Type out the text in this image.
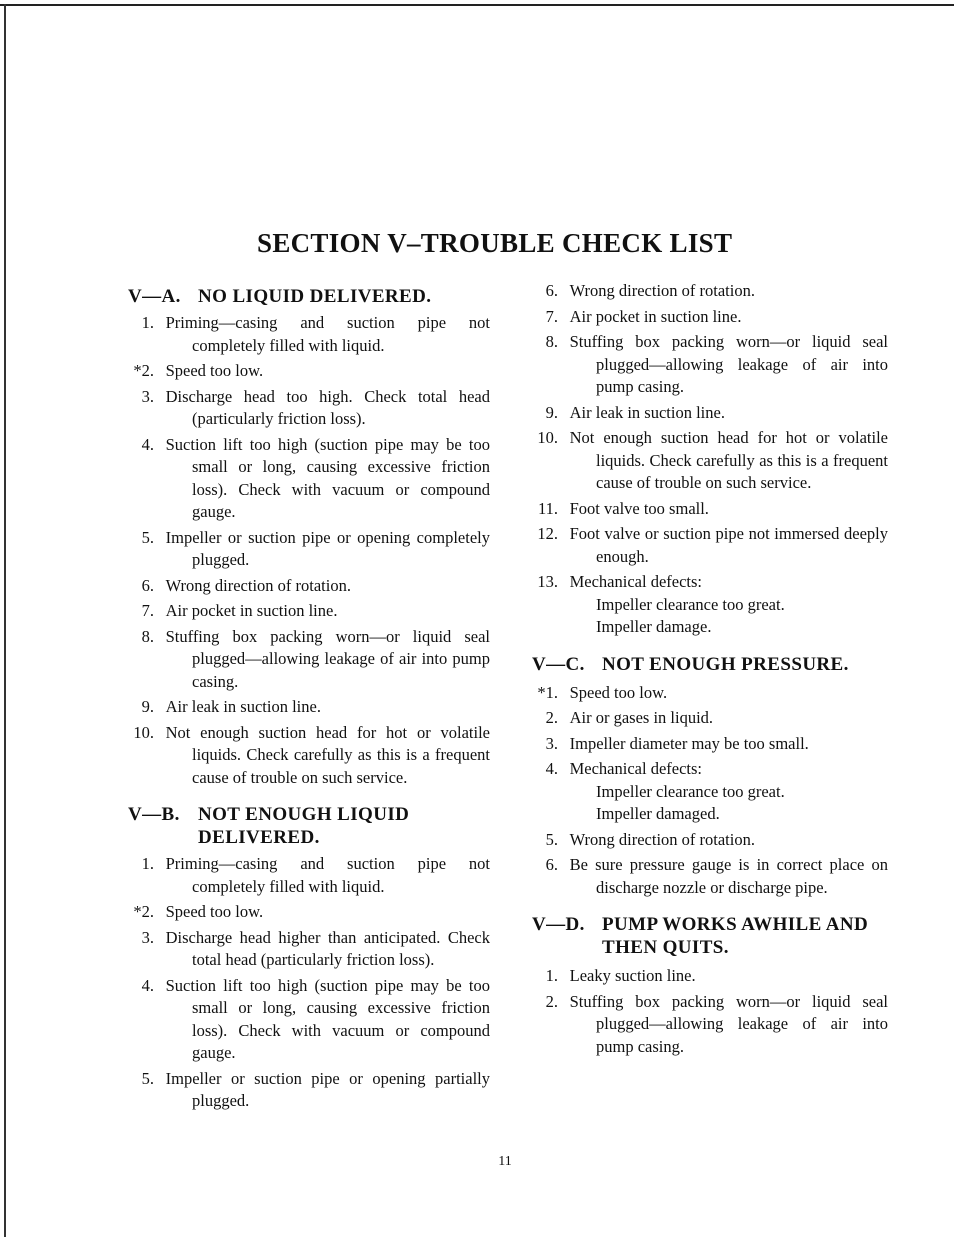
SECTION V–TROUBLE CHECK LIST
V—A. NO LIQUID DELIVERED.
1. Priming—casing and suction pipe not completely filled with liquid.
*2. Speed too low.
3. Discharge head too high. Check total head (particularly friction loss).
4. Suction lift too high (suction pipe may be too small or long, causing excessive friction loss). Check with vacuum or compound gauge.
5. Impeller or suction pipe or opening completely plugged.
6. Wrong direction of rotation.
7. Air pocket in suction line.
8. Stuffing box packing worn—or liquid seal plugged—allowing leakage of air into pump casing.
9. Air leak in suction line.
10. Not enough suction head for hot or volatile liquids. Check carefully as this is a frequent cause of trouble on such service.
V—B. NOT ENOUGH LIQUID DELIVERED.
1. Priming—casing and suction pipe not completely filled with liquid.
*2. Speed too low.
3. Discharge head higher than anticipated. Check total head (particularly friction loss).
4. Suction lift too high (suction pipe may be too small or long, causing excessive friction loss). Check with vacuum or compound gauge.
5. Impeller or suction pipe or opening partially plugged.
6. Wrong direction of rotation.
7. Air pocket in suction line.
8. Stuffing box packing worn—or liquid seal plugged—allowing leakage of air into pump casing.
9. Air leak in suction line.
10. Not enough suction head for hot or volatile liquids. Check carefully as this is a frequent cause of trouble on such service.
11. Foot valve too small.
12. Foot valve or suction pipe not immersed deeply enough.
13. Mechanical defects:
Impeller clearance too great.
Impeller damage.
V—C. NOT ENOUGH PRESSURE.
*1. Speed too low.
2. Air or gases in liquid.
3. Impeller diameter may be too small.
4. Mechanical defects:
Impeller clearance too great.
Impeller damaged.
5. Wrong direction of rotation.
6. Be sure pressure gauge is in correct place on discharge nozzle or discharge pipe.
V—D. PUMP WORKS AWHILE AND THEN QUITS.
1. Leaky suction line.
2. Stuffing box packing worn—or liquid seal plugged—allowing leakage of air into pump casing.
11
